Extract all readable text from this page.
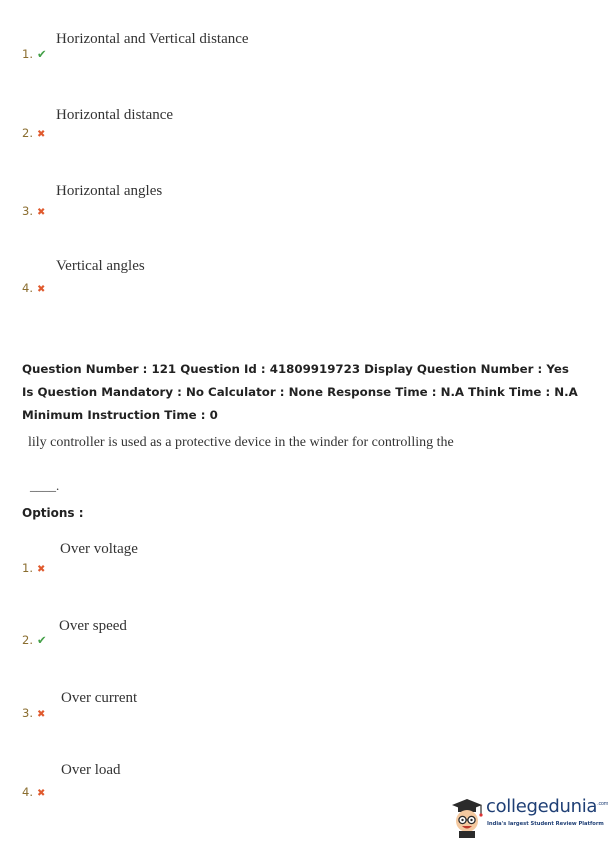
Horizontal and Vertical distance
1. ✔
Horizontal distance
2. ✖
Horizontal angles
3. ✖
Vertical angles
4. ✖

Question Number : 121 Question Id : 41809919723 Display Question Number : Yes Is Question Mandatory : No Calculator : None Response Time : N.A Think Time : N.A Minimum Instruction Time : 0

lily controller is used as a protective device in the winder for controlling the
____.
Options :
Over voltage
1. ✖
Over speed
2. ✔
Over current
3. ✖
Over load
4. ✖
collegedunia$^{.com}$
India's largest Student Review Platform
